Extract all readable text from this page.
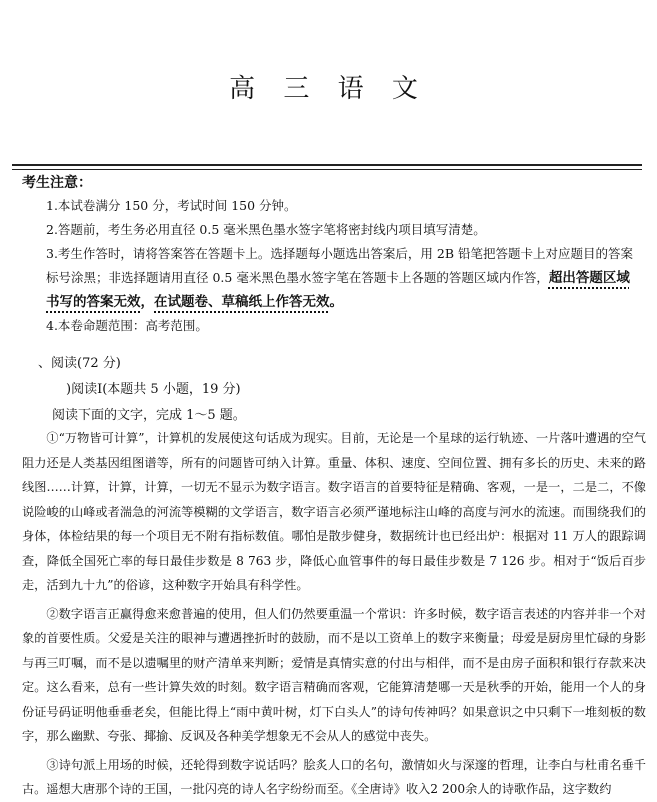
高 三 语 文
考生注意：
1.本试卷满分 150 分，考试时间 150 分钟。
2.答题前，考生务必用直径 0.5 毫米黑色墨水签字笔将密封线内项目填写清楚。
3.考生作答时，请将答案答在答题卡上。选择题每小题选出答案后，用 2B 铅笔把答题卡上对应题目的答案标号涂黑；非选择题请用直径 0.5 毫米黑色墨水签字笔在答题卡上各题的答题区域内作答，超出答题区域书写的答案无效，在试题卷、草稿纸上作答无效。
4.本卷命题范围：高考范围。
、阅读(72 分)
)阅读Ⅰ(本题共 5 小题，19 分)
阅读下面的文字，完成 1～5 题。

①“万物皆可计算”，计算机的发展使这句话成为现实。目前，无论是一个星球的运行轨迹、一片落叶遭遇的空气阻力还是人类基因组图谱等，所有的问题皆可纳入计算。重量、体积、速度、空间位置、拥有多长的历史、未来的路线图……计算，计算，计算，一切无不显示为数字语言。数字语言的首要特征是精确、客观，一是一，二是二，不像说险峻的山峰或者湍急的河流等模糊的文学语言，数字语言必须严谨地标注山峰的高度与河水的流速。而围绕我们的身体，体检结果的每一个项目无不附有指标数值。哪怕是散步健身，数据统计也已经出炉：根据对 11 万人的跟踪调查，降低全国死亡率的每日最佳步数是 8 763 步，降低心血管事件的每日最佳步数是 7 126 步。相对于“饭后百步走，活到九十九”的俗谚，这种数字开始具有科学性。

②数字语言正赢得愈来愈普遍的使用，但人们仍然要重温一个常识：许多时候，数字语言表述的内容并非一个对象的首要性质。父爱是关注的眼神与遭遇挫折时的鼓励，而不是以工资单上的数字来衡量；母爱是厨房里忙碌的身影与再三叮嘱，而不是以遗嘱里的财产清单来判断；爱情是真情实意的付出与相伴，而不是由房子面积和银行存款来决定。这么看来，总有一些计算失效的时刻。数字语言精确而客观，它能算清楚哪一天是秋季的开始，能用一个人的身份证号码证明他垂垂老矣，但能比得上“雨中黄叶树，灯下白头人”的诗句传神吗？如果意识之中只剩下一堆刻板的数字，那么幽默、夸张、揶揄、反讽及各种美学想象无不会从人的感觉中丧失。

③诗句派上用场的时候，还轮得到数字说话吗？脍炙人口的名句，激情如火与深邃的哲理，让李白与杜甫名垂千古。遥想大唐那个诗的王国，一批闪亮的诗人名字纷纷而至。《全唐诗》收入2 200余人的诗歌作品，这字数约
